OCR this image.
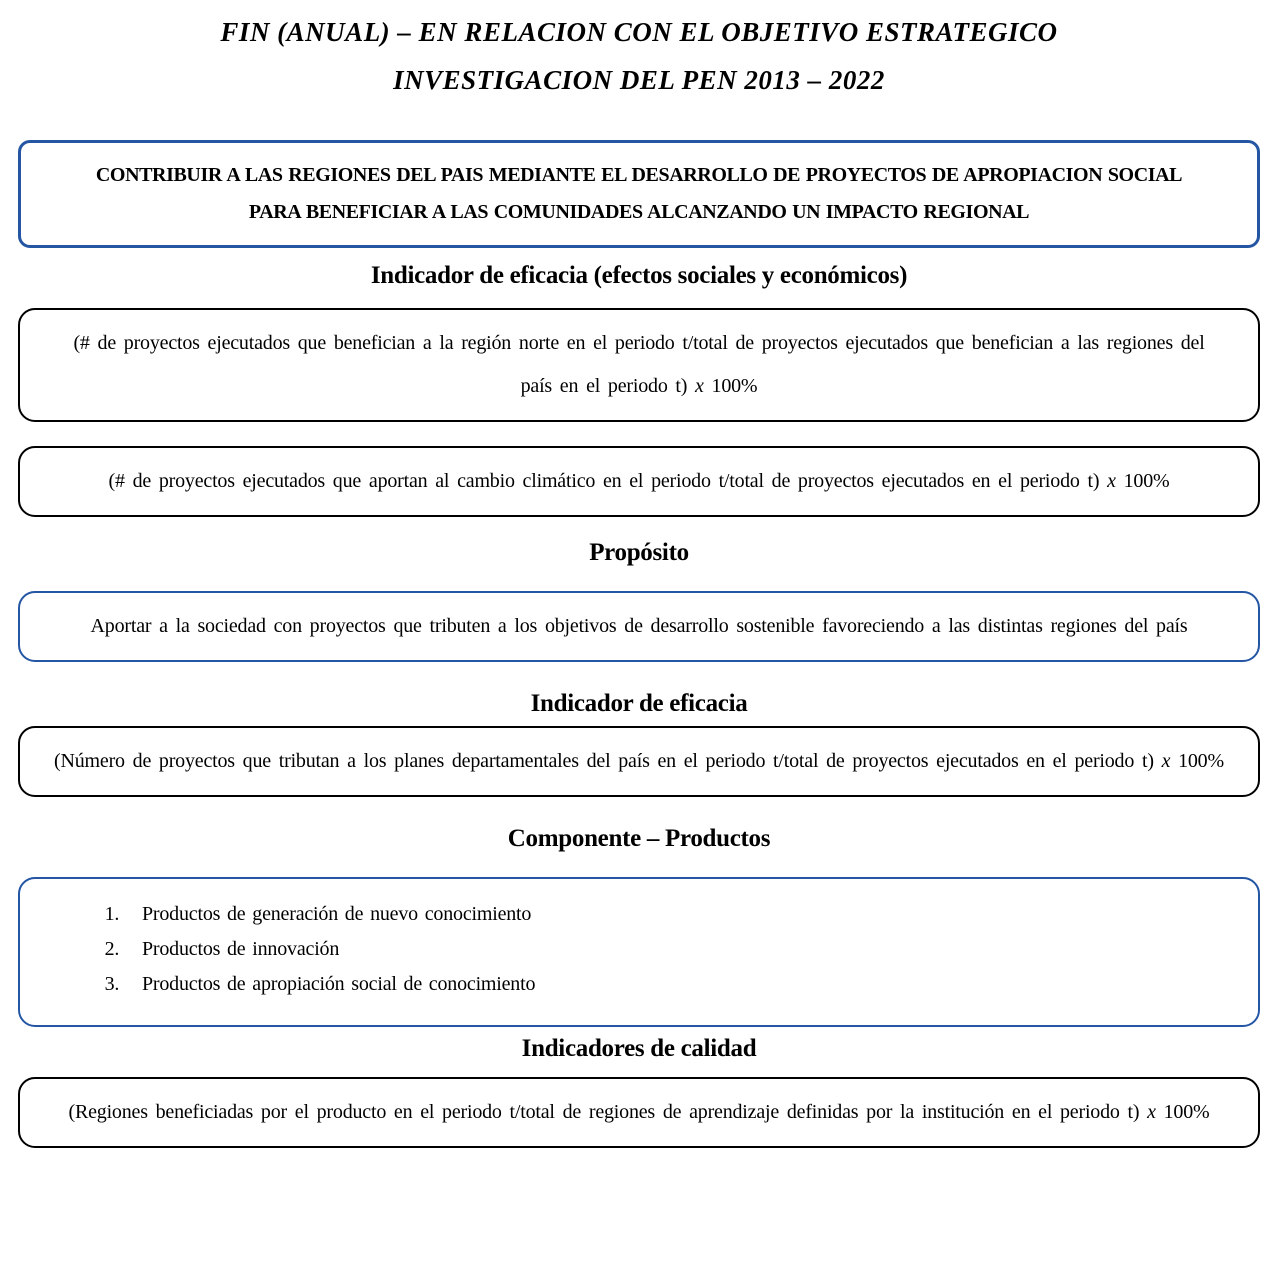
FIN (ANUAL) – EN RELACION CON EL OBJETIVO ESTRATEGICO
INVESTIGACION DEL PEN 2013 – 2022
CONTRIBUIR A LAS REGIONES DEL PAIS MEDIANTE EL DESARROLLO DE PROYECTOS DE APROPIACION SOCIAL PARA BENEFICIAR A LAS COMUNIDADES ALCANZANDO UN IMPACTO REGIONAL
Indicador de eficacia (efectos sociales y económicos)
(# de proyectos ejecutados que benefician a la región norte en el periodo t/total de proyectos ejecutados que benefician a las regiones del país en el periodo t) x 100%
(# de proyectos ejecutados que aportan al cambio climático en el periodo t/total de proyectos ejecutados en el periodo t) x 100%
Propósito
Aportar a la sociedad con proyectos que tributen a los objetivos de desarrollo sostenible favoreciendo a las distintas regiones del país
Indicador de eficacia
(Número de proyectos que tributan a los planes departamentales del país en el periodo t/total de proyectos ejecutados en el periodo t) x 100%
Componente – Productos
1. Productos de generación de nuevo conocimiento
2. Productos de innovación
3. Productos de apropiación social de conocimiento
Indicadores de calidad
(Regiones beneficiadas por el producto en el periodo t/total de regiones de aprendizaje definidas por la institución en el periodo t) x 100%
